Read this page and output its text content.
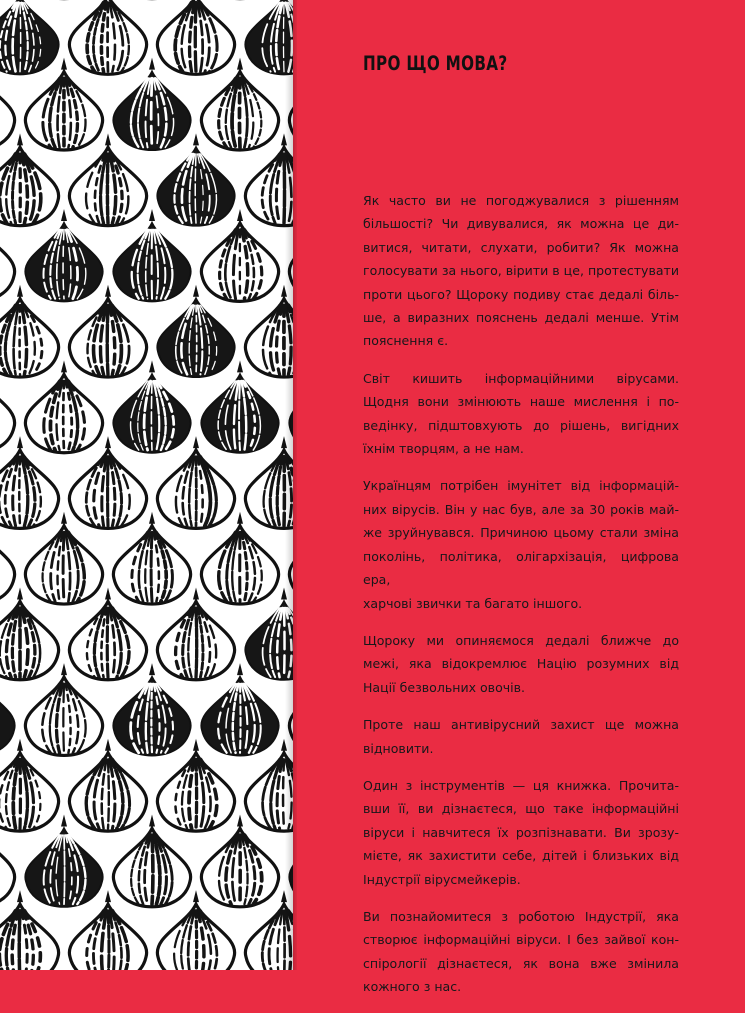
ПРО ЩО МОВА?

Як часто ви не погоджувалися з рішенням
більшості? Чи дивувалися, як можна це ди-
витися, читати, слухати, робити? Як можна
голосувати за нього, вірити в це, протестувати
проти цього? Щороку подиву стає дедалі біль-
ше, а виразних пояснень дедалі менше. Утім
пояснення є.

Світ кишить інформаційними вірусами.
Щодня вони змінюють наше мислення і по-
ведінку, підштовхують до рішень, вигідних
їхнім творцям, а не нам.

Українцям потрібен імунітет від інформацій-
них вірусів. Він у нас був, але за 30 років май-
же зруйнувався. Причиною цьому стали зміна
поколінь, політика, олігархізація, цифрова ера,
харчові звички та багато іншого.

Щороку ми опиняємося дедалі ближче до
межі, яка відокремлює Націю розумних від
Нації безвольних овочів.

Проте наш антивірусний захист ще можна
відновити.

Один з інструментів — ця книжка. Прочита-
вши її, ви дізнаєтеся, що таке інформаційні
віруси і навчитеся їх розпізнавати. Ви зрозу-
мієте, як захистити себе, дітей і близьких від
Індустрії вірусмейкерів.

Ви познайомитеся з роботою Індустрії, яка
створює інформаційні віруси. І без зайвої кон-
спірології дізнаєтеся, як вона вже змінила
кожного з нас.
